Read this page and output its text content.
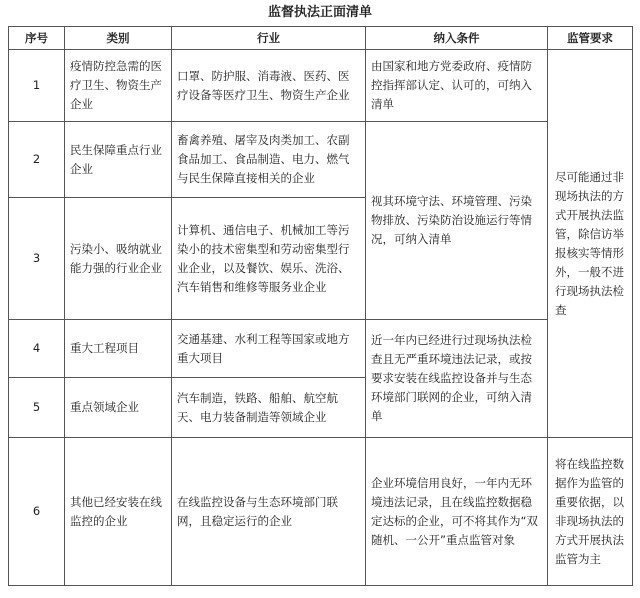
监督执法正面清单
序号	类别	行业	纳入条件	监管要求
1	疫情防控急需的医疗卫生、物资生产企业	口罩、防护服、消毒液、医药、医疗设备等医疗卫生、物资生产企业	由国家和地方党委政府、疫情防控指挥部认定、认可的，可纳入清单	尽可能通过非现场执法的方式开展执法监管，除信访举报核实等情形外，一般不进行现场执法检查
2	民生保障重点行业企业	畜禽养殖、屠宰及肉类加工、农副食品加工、食品制造、电力、燃气与民生保障直接相关的企业	视其环境守法、环境管理、污染物排放、污染防治设施运行等情况，可纳入清单	
3	污染小、吸纳就业能力强的行业企业	计算机、通信电子、机械加工等污染小的技术密集型和劳动密集型行业企业，以及餐饮、娱乐、洗浴、汽车销售和维修等服务业企业		
4	重大工程项目	交通基建、水利工程等国家或地方重大项目	近一年内已经进行过现场执法检查且无严重环境违法记录，或按要求安装在线监控设备并与生态环境部门联网的企业，可纳入清单	
5	重点领域企业	汽车制造，铁路、船舶、航空航天、电力装备制造等领域企业		
6	其他已经安装在线监控的企业	在线监控设备与生态环境部门联网，且稳定运行的企业	企业环境信用良好，一年内无环境违法记录，且在线监控数据稳定达标的企业，可不将其作为“双随机、一公开”重点监管对象	将在线监控数据作为监管的重要依据，以非现场执法的方式开展执法监管为主
